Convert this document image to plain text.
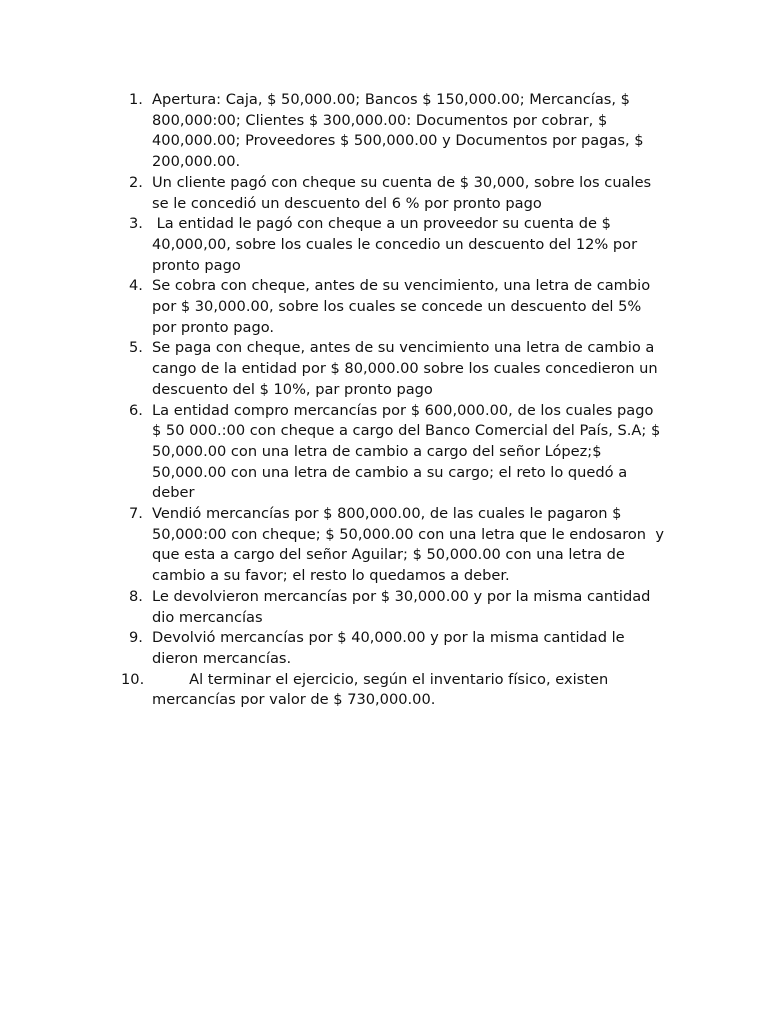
1. Apertura: Caja, $ 50,000.00; Bancos $ 150,000.00; Mercancías, $ 800,000:00; Clientes $ 300,000.00: Documentos por cobrar, $ 400,000.00; Proveedores $ 500,000.00 y Documentos por pagas, $ 200,000.00.
2. Un cliente pagó con cheque su cuenta de $ 30,000, sobre los cuales se le concedió un descuento del 6 % por pronto pago
3. La entidad le pagó con cheque a un proveedor su cuenta de $ 40,000,00, sobre los cuales le concedio un descuento del 12% por pronto pago
4. Se cobra con cheque, antes de su vencimiento, una letra de cambio por $ 30,000.00, sobre los cuales se concede un descuento del 5% por pronto pago.
5. Se paga con cheque, antes de su vencimiento una letra de cambio a cango de la entidad por $ 80,000.00 sobre los cuales concedieron un descuento del $ 10%, par pronto pago
6. La entidad compro mercancías por $ 600,000.00, de los cuales pago $ 50 000.:00 con cheque a cargo del Banco Comercial del País, S.A; $ 50,000.00 con una letra de cambio a cargo del señor López;$ 50,000.00 con una letra de cambio a su cargo; el reto lo quedó a deber
7. Vendió mercancías por $ 800,000.00, de las cuales le pagaron $ 50,000:00 con cheque; $ 50,000.00 con una letra que le endosaron  y que esta a cargo del señor Aguilar; $ 50,000.00 con una letra de cambio a su favor; el resto lo quedamos a deber.
8. Le devolvieron mercancías por $ 30,000.00 y por la misma cantidad dio mercancías
9. Devolvió mercancías por $ 40,000.00 y por la misma cantidad le dieron mercancías.
10. Al terminar el ejercicio, según el inventario físico, existen mercancías por valor de $ 730,000.00.
